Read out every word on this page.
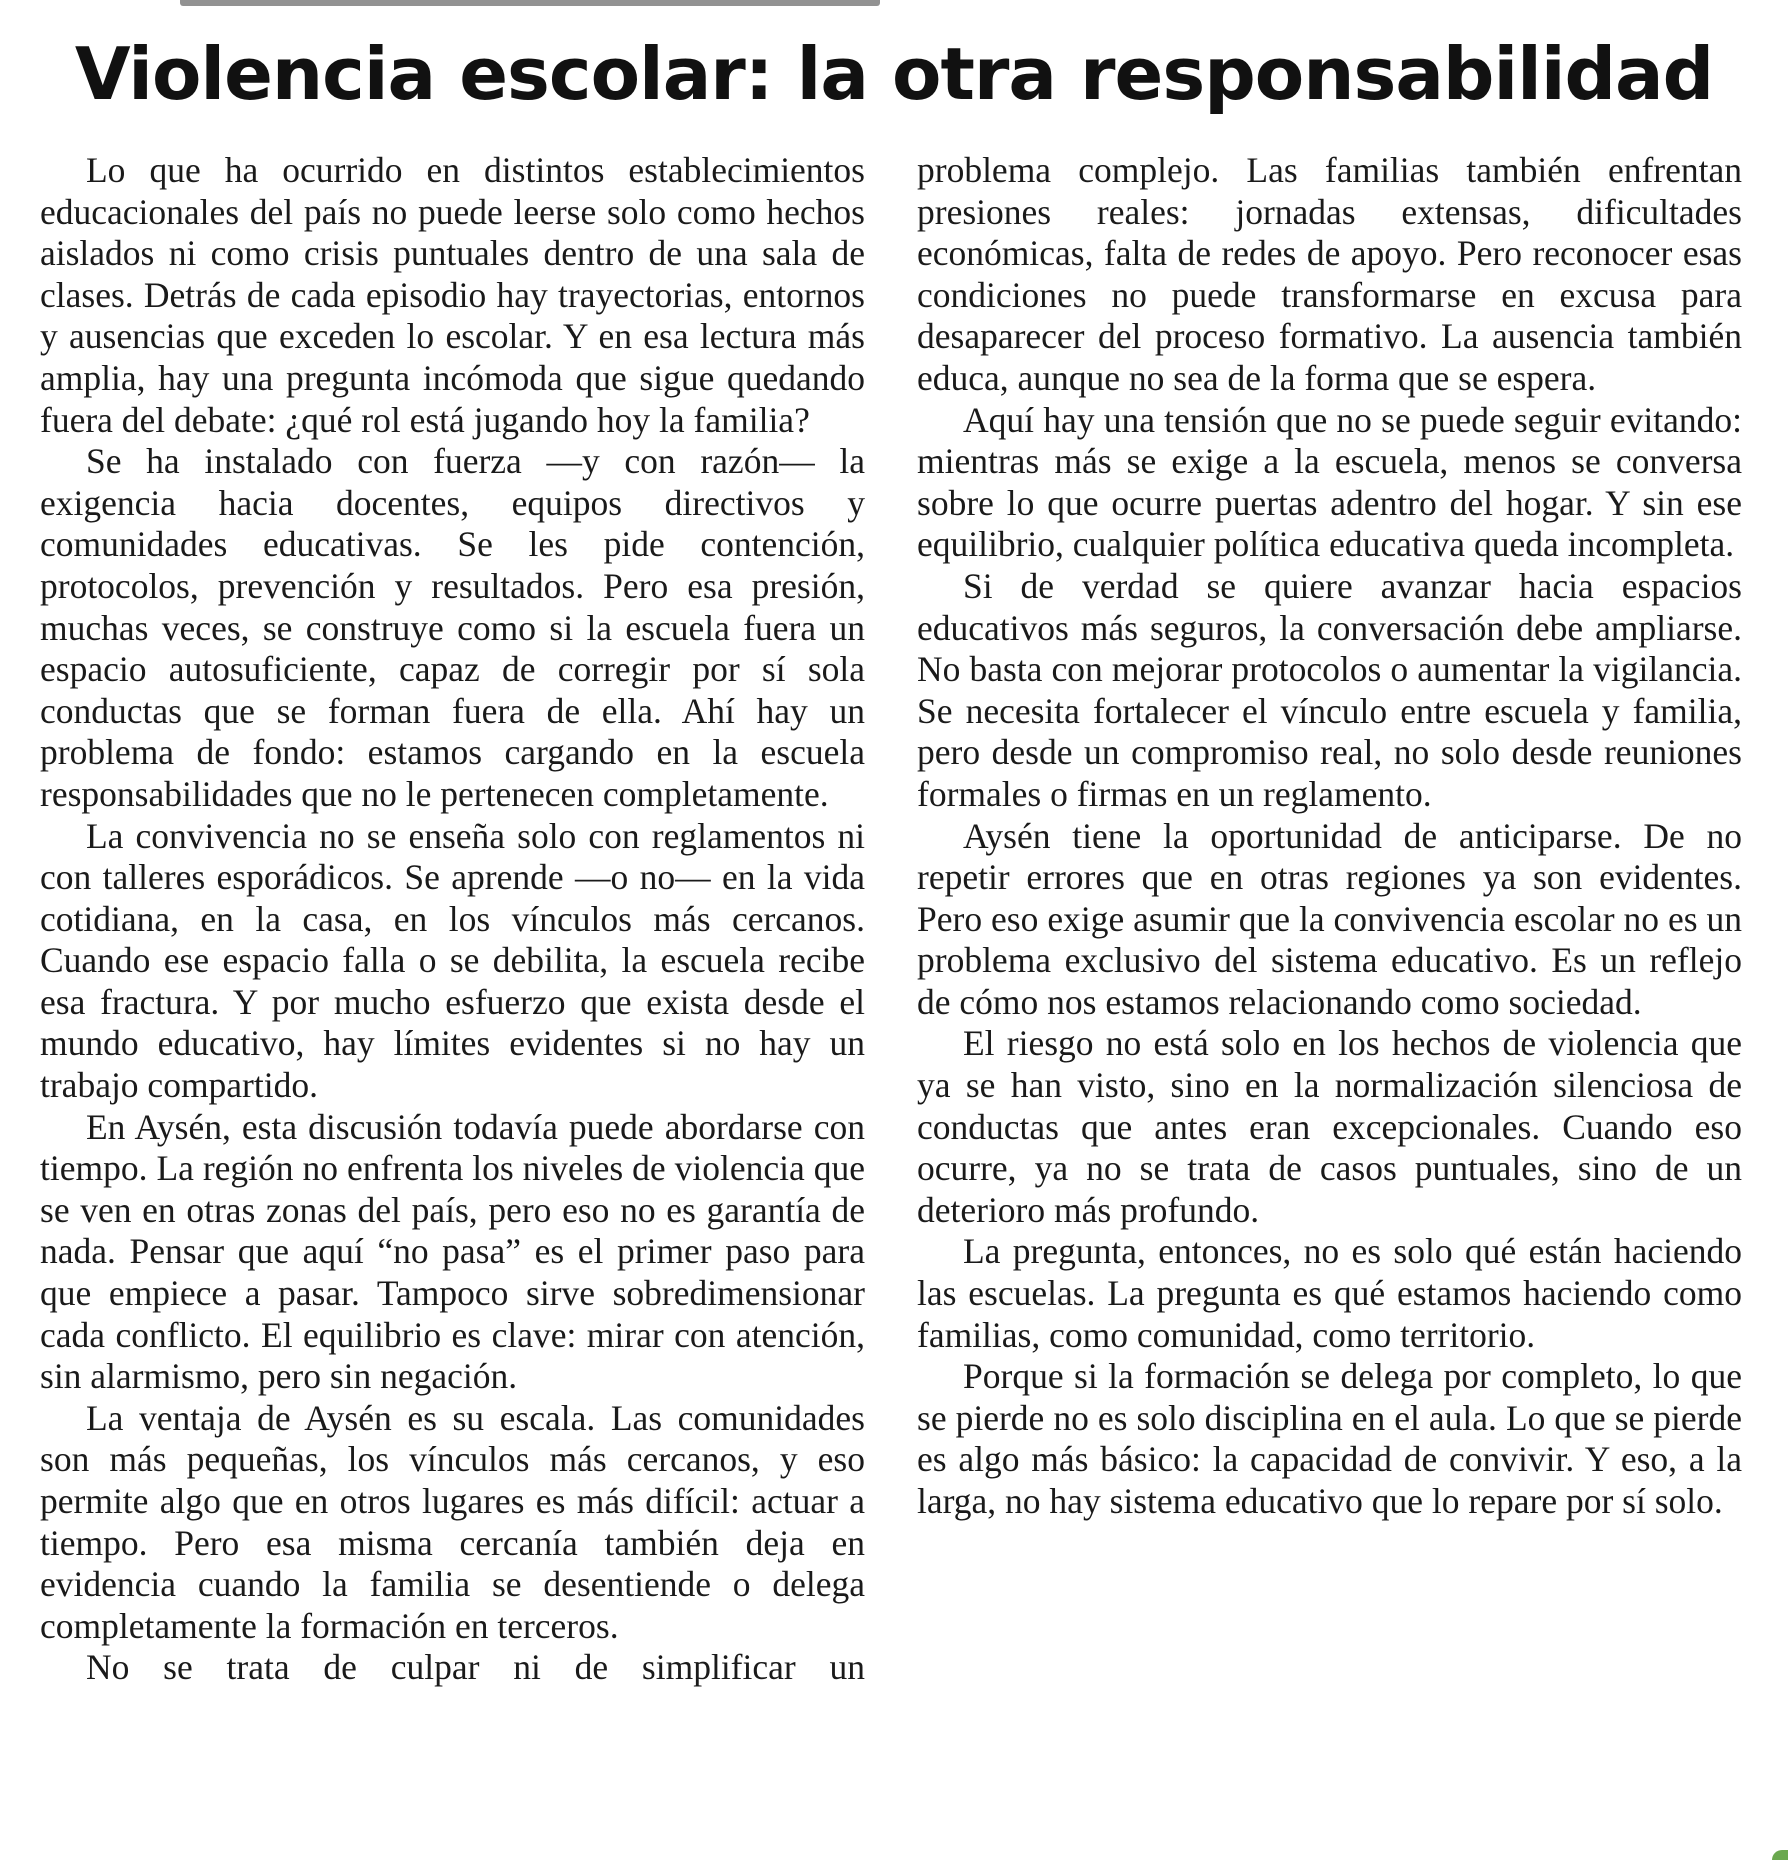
Violencia escolar: la otra responsabilidad

Lo que ha ocurrido en distintos establecimientos educacionales del país no puede leerse solo como hechos aislados ni como crisis puntuales dentro de una sala de clases. Detrás de cada episodio hay trayectorias, entornos y ausencias que exceden lo escolar. Y en esa lectura más amplia, hay una pregunta incómoda que sigue quedando fuera del debate: ¿qué rol está jugando hoy la familia?

Se ha instalado con fuerza —y con razón— la exigencia hacia docentes, equipos directivos y comunidades educativas. Se les pide contención, protocolos, prevención y resultados. Pero esa presión, muchas veces, se construye como si la escuela fuera un espacio autosuficiente, capaz de corregir por sí sola conductas que se forman fuera de ella. Ahí hay un problema de fondo: estamos cargando en la escuela responsabilidades que no le pertenecen completamente.

La convivencia no se enseña solo con reglamentos ni con talleres esporádicos. Se aprende —o no— en la vida cotidiana, en la casa, en los vínculos más cercanos. Cuando ese espacio falla o se debilita, la escuela recibe esa fractura. Y por mucho esfuerzo que exista desde el mundo educativo, hay límites evidentes si no hay un trabajo compartido.

En Aysén, esta discusión todavía puede abordarse con tiempo. La región no enfrenta los niveles de violencia que se ven en otras zonas del país, pero eso no es garantía de nada. Pensar que aquí “no pasa” es el primer paso para que empiece a pasar. Tampoco sirve sobredimensionar cada conflicto. El equilibrio es clave: mirar con atención, sin alarmismo, pero sin negación.

La ventaja de Aysén es su escala. Las comunidades son más pequeñas, los vínculos más cercanos, y eso permite algo que en otros lugares es más difícil: actuar a tiempo. Pero esa misma cercanía también deja en evidencia cuando la familia se desentiende o delega completamente la formación en terceros.

No se trata de culpar ni de simplificar un

problema complejo. Las familias también enfrentan presiones reales: jornadas extensas, dificultades económicas, falta de redes de apoyo. Pero reconocer esas condiciones no puede transformarse en excusa para desaparecer del proceso formativo. La ausencia también educa, aunque no sea de la forma que se espera.

Aquí hay una tensión que no se puede seguir evitando: mientras más se exige a la escuela, menos se conversa sobre lo que ocurre puertas adentro del hogar. Y sin ese equilibrio, cualquier política educativa queda incompleta.

Si de verdad se quiere avanzar hacia espacios educativos más seguros, la conversación debe ampliarse. No basta con mejorar protocolos o aumentar la vigilancia. Se necesita fortalecer el vínculo entre escuela y familia, pero desde un compromiso real, no solo desde reuniones formales o firmas en un reglamento.

Aysén tiene la oportunidad de anticiparse. De no repetir errores que en otras regiones ya son evidentes. Pero eso exige asumir que la convivencia escolar no es un problema exclusivo del sistema educativo. Es un reflejo de cómo nos estamos relacionando como sociedad.

El riesgo no está solo en los hechos de violencia que ya se han visto, sino en la normalización silenciosa de conductas que antes eran excepcionales. Cuando eso ocurre, ya no se trata de casos puntuales, sino de un deterioro más profundo.

La pregunta, entonces, no es solo qué están haciendo las escuelas. La pregunta es qué estamos haciendo como familias, como comunidad, como territorio.

Porque si la formación se delega por completo, lo que se pierde no es solo disciplina en el aula. Lo que se pierde es algo más básico: la capacidad de convivir. Y eso, a la larga, no hay sistema educativo que lo repare por sí solo.
